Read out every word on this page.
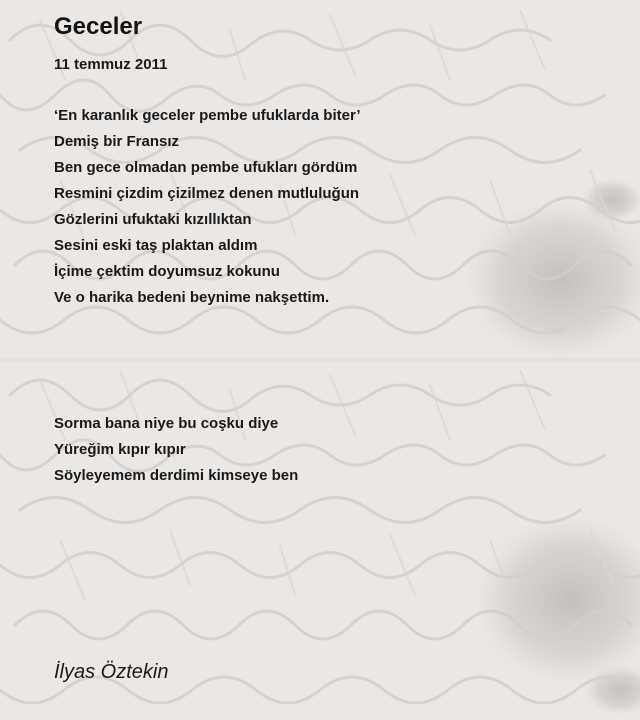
Geceler

11 temmuz 2011

‘En karanlık geceler pembe ufuklarda biter’
Demiş bir Fransız
Ben gece olmadan pembe ufukları gördüm
Resmini çizdim çizilmez denen mutluluğun
Gözlerini ufuktaki kızıllıktan
Sesini eski taş plaktan aldım
İçime çektim doyumsuz kokunu
Ve o harika bedeni beynime nakşettim.
Sorma bana niye bu coşku diye
Yüreğim kıpır kıpır
Söyleyemem derdimi kimseye ben

İlyas Öztekin
